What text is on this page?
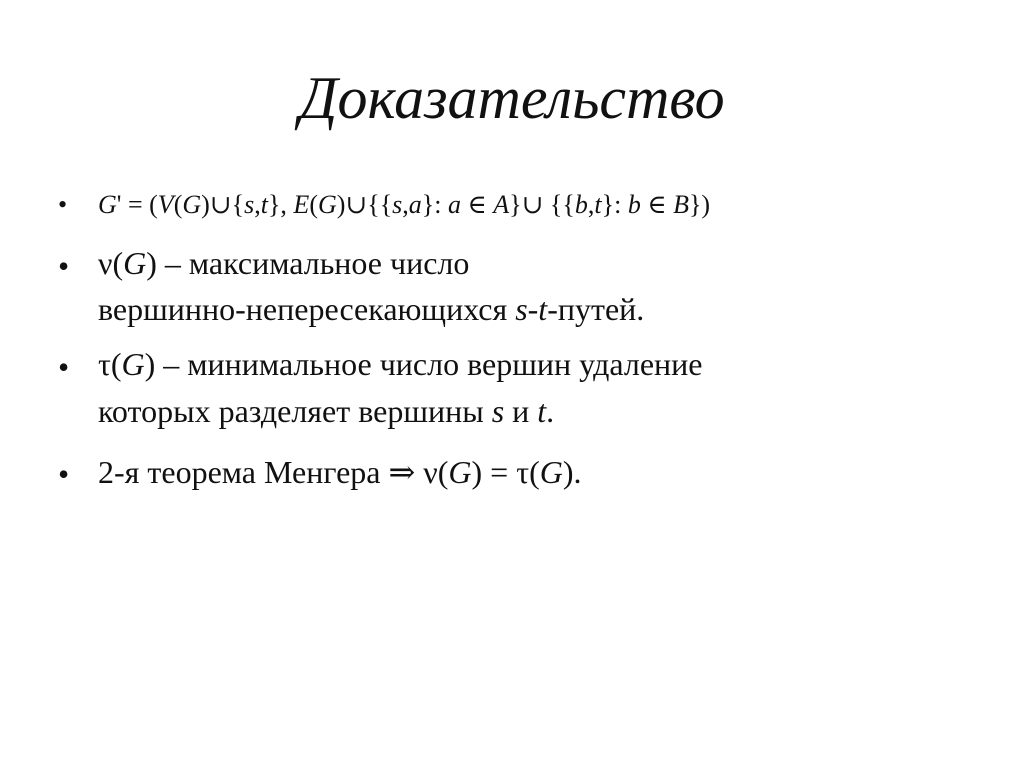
Доказательство
• G' = (V(G)∪{s,t}, E(G)∪{{s,a}: a ∈ A}∪ {{b,t}: b ∈ B})
• ν(G) – максимальное число
вершинно-непересекающихся s-t-путей.
• τ(G) – минимальное число вершин удаление
которых разделяет вершины s и t.
• 2-я теорема Менгера ⇒ ν(G) = τ(G).
